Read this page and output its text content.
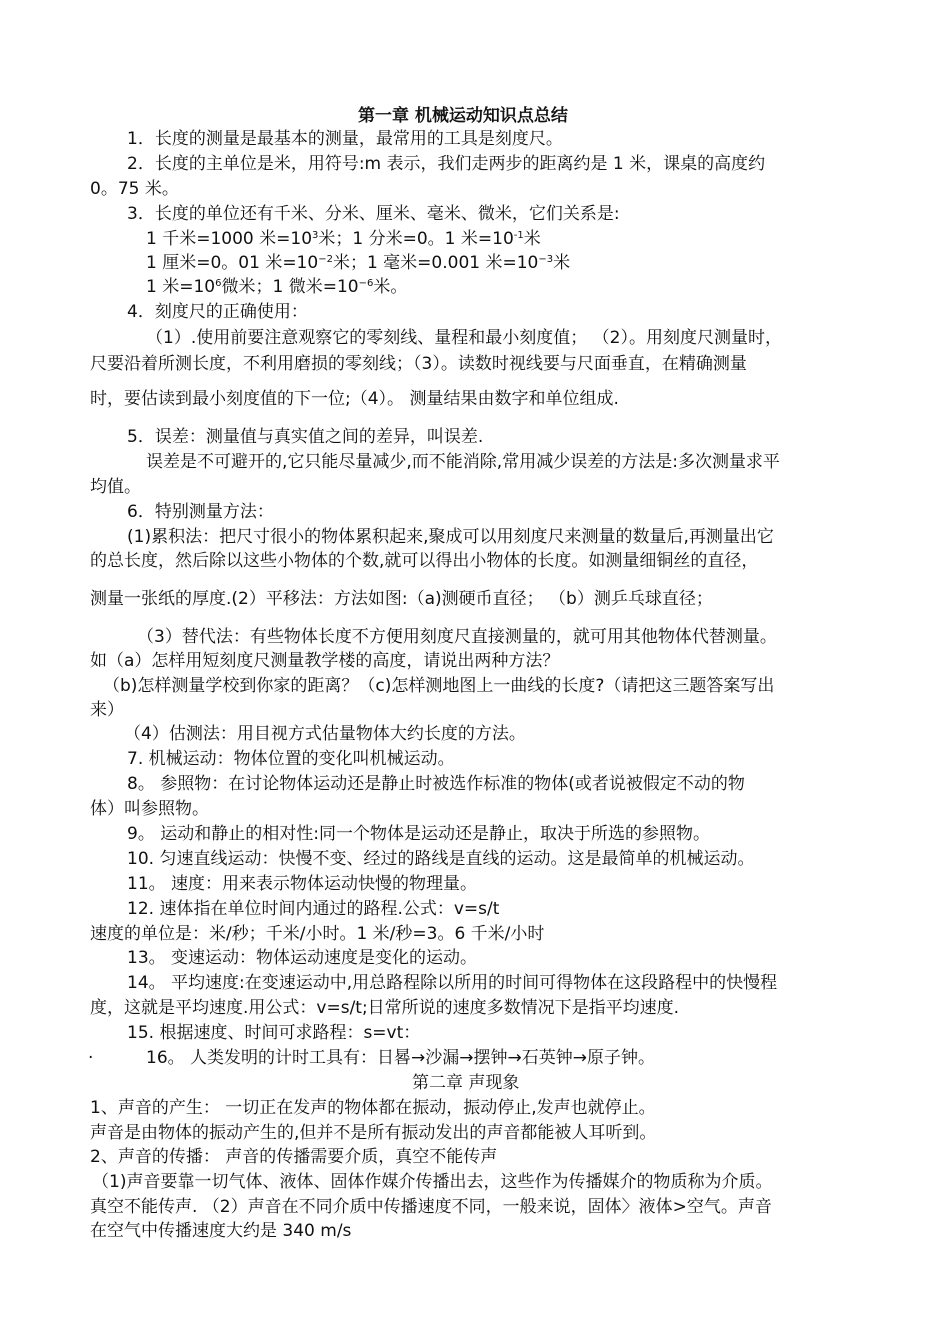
第一章 机械运动知识点总结
1．长度的测量是最基本的测量，最常用的工具是刻度尺。
2．长度的主单位是米，用符号:m 表示，我们走两步的距离约是 1 米，课桌的高度约
0。75 米。
3．长度的单位还有千米、分米、厘米、毫米、微米，它们关系是:
1 千米=1000 米$=10^3$米；1 分米=0。1 米$=10^{-1}$米
1 厘米=0。01 米$=10^{-2}$米；1 毫米=0.001 米$=10^{-3}$米
1 米$=10^6$微米；1 微米$=10^{-6}$米。
4．刻度尺的正确使用：
（1）.使用前要注意观察它的零刻线、量程和最小刻度值； （2）。用刻度尺测量时，
尺要沿着所测长度，不利用磨损的零刻线；（3）。读数时视线要与尺面垂直，在精确测量
时，要估读到最小刻度值的下一位;（4）。 测量结果由数字和单位组成.
5．误差：测量值与真实值之间的差异，叫误差.
误差是不可避开的,它只能尽量减少,而不能消除,常用减少误差的方法是:多次测量求平
均值。
6．特别测量方法：
(1)累积法：把尺寸很小的物体累积起来,聚成可以用刻度尺来测量的数量后,再测量出它
的总长度，然后除以这些小物体的个数,就可以得出小物体的长度。如测量细铜丝的直径，
测量一张纸的厚度.(2）平移法：方法如图:（a)测硬币直径； （b）测乒乓球直径；
（3）替代法：有些物体长度不方便用刻度尺直接测量的，就可用其他物体代替测量。
如（a）怎样用短刻度尺测量教学楼的高度，请说出两种方法？
（b)怎样测量学校到你家的距离？（c)怎样测地图上一曲线的长度?（请把这三题答案写出
来）
（4）估测法：用目视方式估量物体大约长度的方法。
7. 机械运动：物体位置的变化叫机械运动。
8。 参照物：在讨论物体运动还是静止时被选作标准的物体(或者说被假定不动的物
体）叫参照物。
9。 运动和静止的相对性:同一个物体是运动还是静止，取决于所选的参照物。
10. 匀速直线运动：快慢不变、经过的路线是直线的运动。这是最简单的机械运动。
11。 速度：用来表示物体运动快慢的物理量。
12. 速体指在单位时间内通过的路程.公式：v=s/t
速度的单位是：米/秒；千米/小时。1 米/秒=3。6 千米/小时
13。 变速运动：物体运动速度是变化的运动。
14。 平均速度:在变速运动中,用总路程除以所用的时间可得物体在这段路程中的快慢程
度，这就是平均速度.用公式：v=s/t;日常所说的速度多数情况下是指平均速度.
15. 根据速度、时间可求路程：s=vt：
·	16。 人类发明的计时工具有：日晷→沙漏→摆钟→石英钟→原子钟。
第二章 声现象
1、声音的产生： 一切正在发声的物体都在振动，振动停止,发声也就停止。
声音是由物体的振动产生的,但并不是所有振动发出的声音都能被人耳听到。
2、声音的传播： 声音的传播需要介质，真空不能传声
（1)声音要靠一切气体、液体、固体作媒介传播出去，这些作为传播媒介的物质称为介质。
真空不能传声. （2）声音在不同介质中传播速度不同，一般来说，固体〉液体>空气。声音
在空气中传播速度大约是 340 m/s
